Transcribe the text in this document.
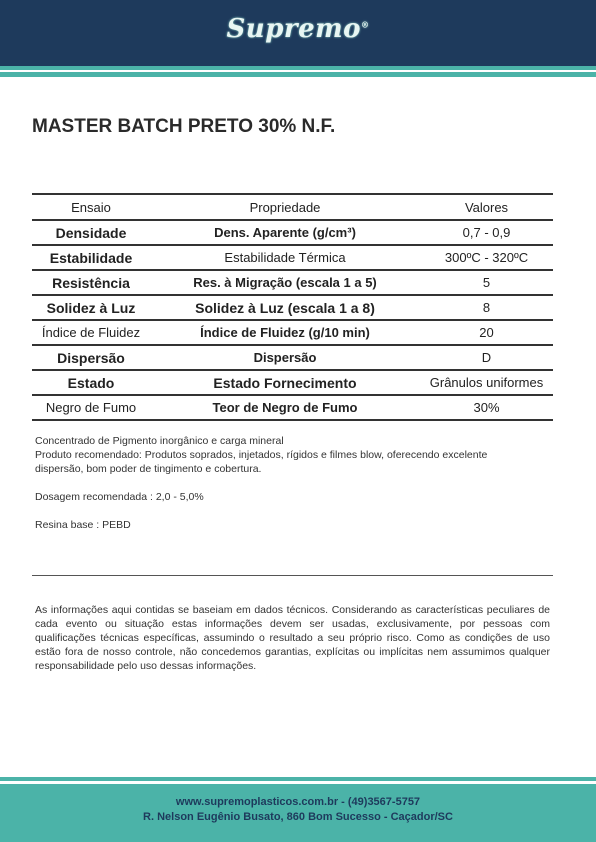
Supremo®
MASTER BATCH PRETO 30% N.F.
Ensaio	Propriedade	Valores
Densidade	Dens. Aparente (g/cm³)	0,7 - 0,9
Estabilidade	Estabilidade Térmica	300ºC - 320ºC
Resistência	Res. à Migração (escala 1 a 5)	5
Solidez à Luz	Solidez à Luz (escala 1 a 8)	8
Índice de Fluidez	Índice de Fluidez (g/10 min)	20
Dispersão	Dispersão	D
Estado	Estado Fornecimento	Grânulos uniformes
Negro de Fumo	Teor de Negro de Fumo	30%

Concentrado de Pigmento inorgânico e carga mineral

Produto recomendado: Produtos soprados, injetados, rígidos e filmes blow, oferecendo excelente dispersão, bom poder de tingimento e cobertura.

Dosagem recomendada : 2,0 - 5,0%

Resina base : PEBD

As informações aqui contidas se baseiam em dados técnicos. Considerando as características peculiares de cada evento ou situação estas informações devem ser usadas, exclusivamente, por pessoas com qualificações técnicas específicas, assumindo o resultado a seu próprio risco. Como as condições de uso estão fora de nosso controle, não concedemos garantias, explícitas ou implícitas nem assumimos qualquer responsabilidade pelo uso dessas informações.
www.supremoplasticos.com.br - (49)3567-5757
R. Nelson Eugênio Busato, 860 Bom Sucesso - Caçador/SC
